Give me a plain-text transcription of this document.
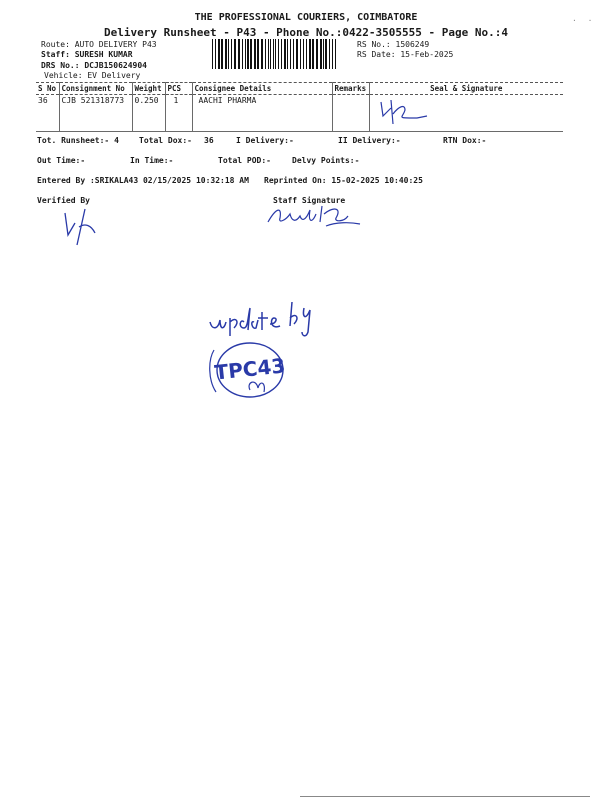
THE PROFESSIONAL COURIERS, COIMBATORE
Delivery Runsheet - P43 - Phone No.:0422-3505555 - Page No.:4
. .
Route: AUTO DELIVERY P43
Staff: SURESH KUMAR
DRS No.: DCJB150624904
Vehicle: EV Delivery
RS No.: 1506249
RS Date: 15-Feb-2025
S No	Consignment No	Weight	PCS	Consignee Details	Remarks	Seal & Signature
36	CJB 521318773	0.250	1	AACHI PHARMA		
Tot. Runsheet:- 4	Total Dox:- 36	I Delivery:-	II Delivery:-	RTN Dox:-
Out Time:-	In Time:-	Total POD:-	Delvy Points:-
Entered By :SRIKALA43 02/15/2025 10:32:18 AM Reprinted On: 15-02-2025 10:40:25
Verified By	Staff Signature
TPC43
